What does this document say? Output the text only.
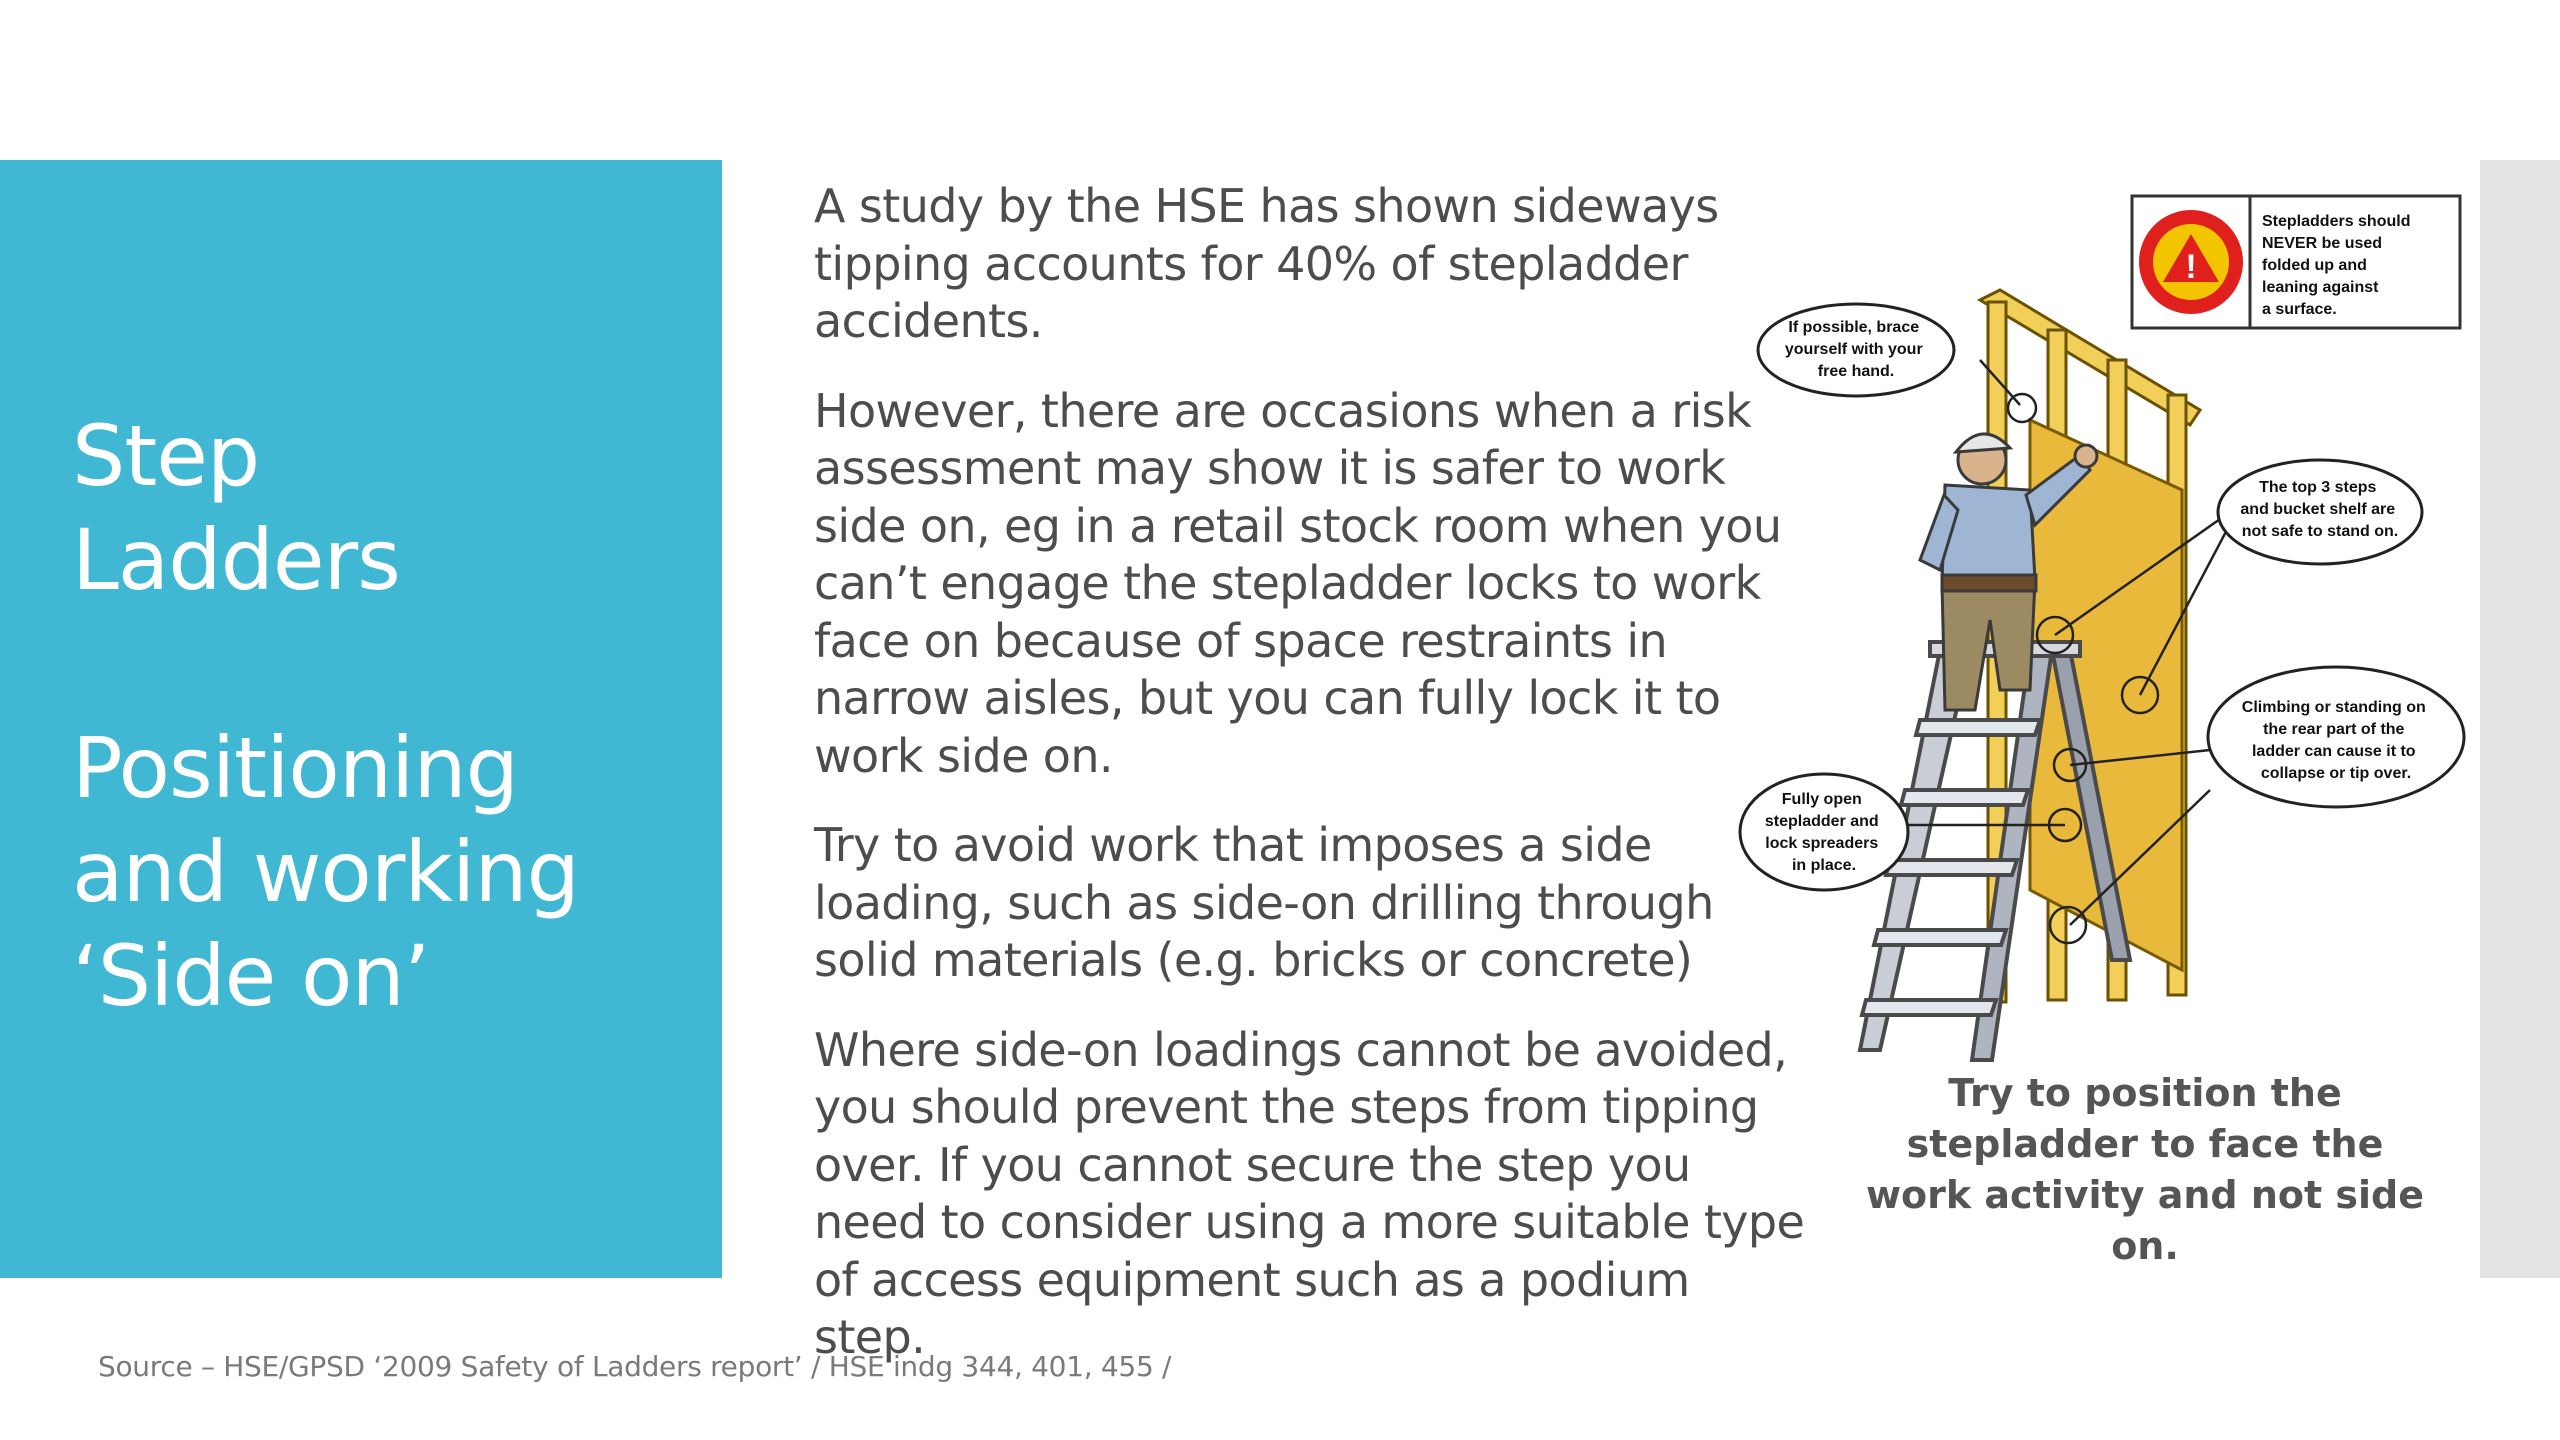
Step
Ladders
Positioning
and working
‘Side on’

A study by the HSE has shown sideways tipping accounts for 40% of stepladder accidents.

However, there are occasions when a risk assessment may show it is safer to work side on, eg in a retail stock room when you can’t engage the stepladder locks to work face on because of space restraints in narrow aisles, but you can fully lock it to work side on.

Try to avoid work that imposes a side loading, such as side-on drilling through solid materials (e.g. bricks or concrete)

Where side-on loadings cannot be avoided, you should prevent the steps from tipping over. If you cannot secure the step you need to consider using a more suitable type of access equipment such as a podium step.

!
Stepladders should NEVER be used folded up and leaning against a surface.
If possible, brace yourself with your free hand.
The top 3 steps and bucket shelf are not safe to stand on.
Climbing or standing on the rear part of the ladder can cause it to collapse or tip over.
Fully open stepladder and lock spreaders in place.
Try to position the stepladder to face the work activity and not side on.
Source – HSE/GPSD ‘2009 Safety of Ladders report’ / HSE indg 344, 401, 455 /
